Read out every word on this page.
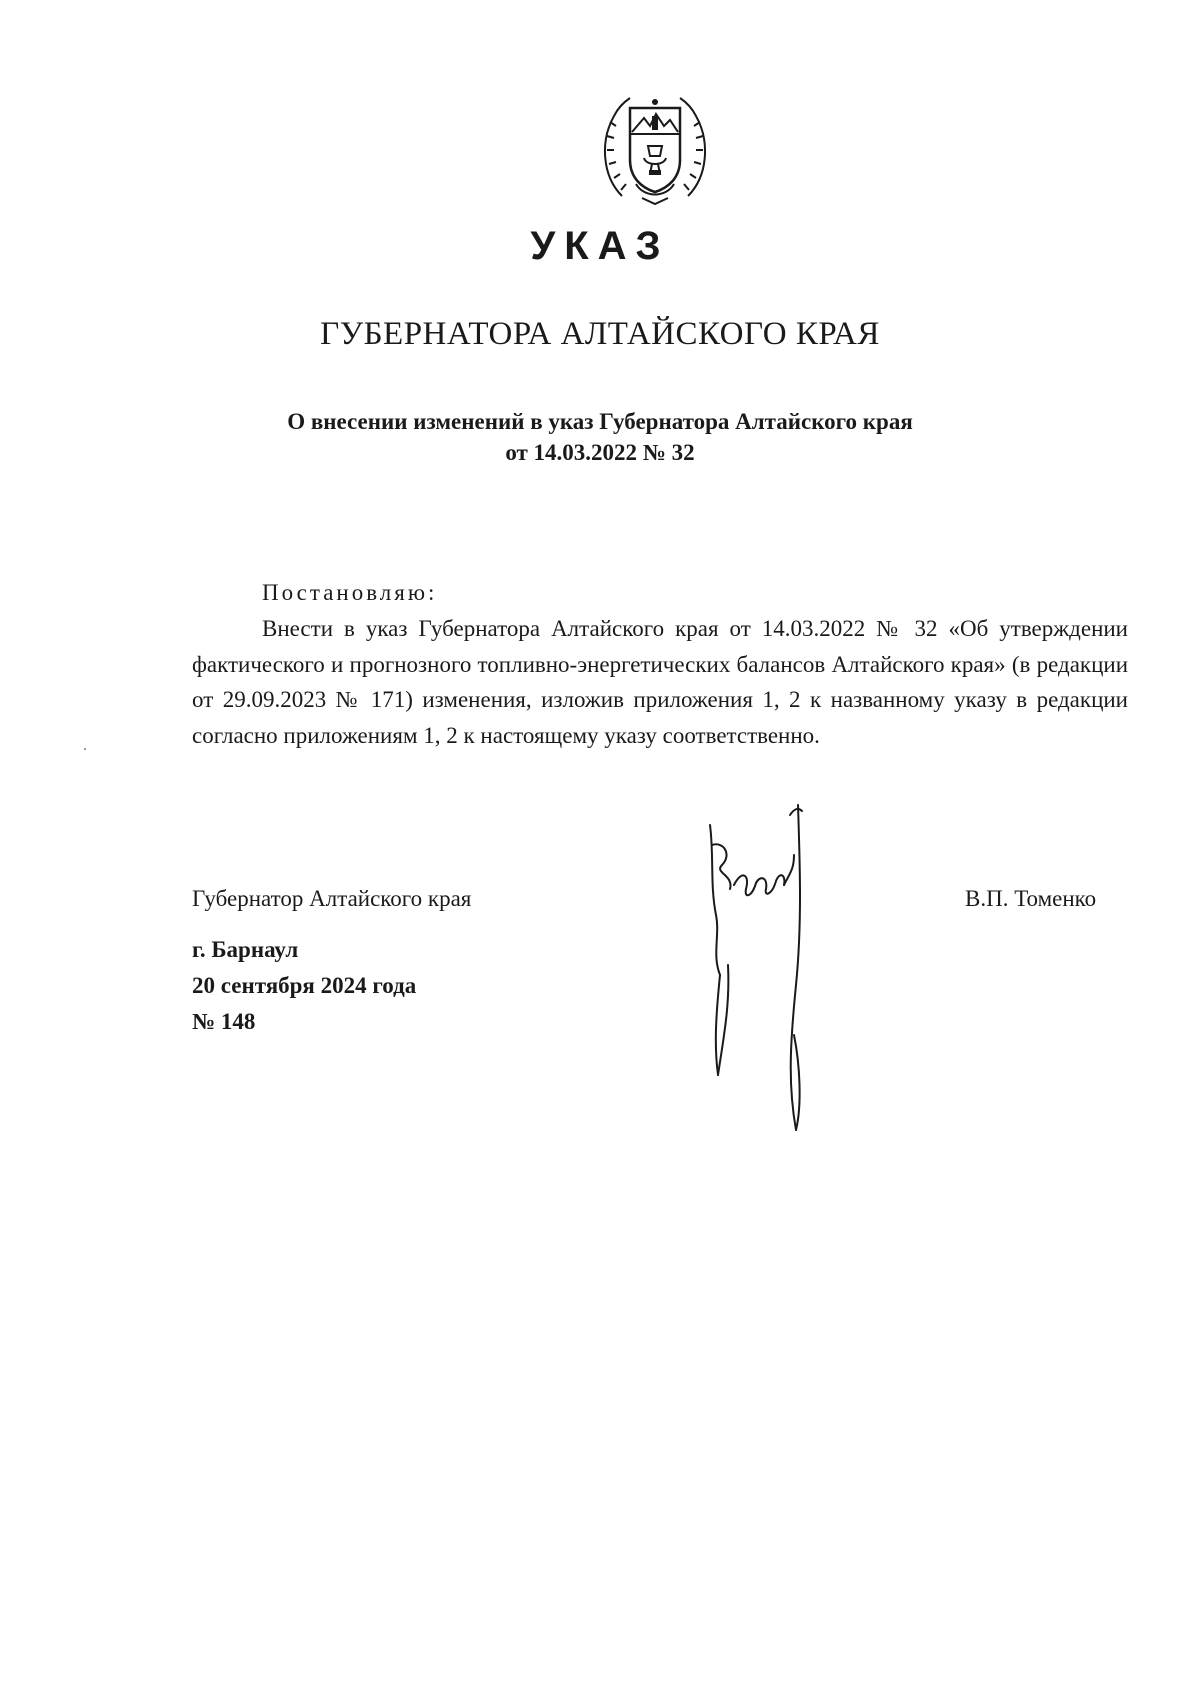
УКАЗ
ГУБЕРНАТОРА АЛТАЙСКОГО КРАЯ
О внесении изменений в указ Губернатора Алтайского края
от 14.03.2022 № 32
Постановляю:
Внести в указ Губернатора Алтайского края от 14.03.2022 № 32 «Об утверждении фактического и прогнозного топливно-энергетических балансов Алтайского края» (в редакции от 29.09.2023 № 171) изменения, изложив приложения 1, 2 к названному указу в редакции согласно приложениям 1, 2 к настоящему указу соответственно.
Губернатор Алтайского края	В.П. Томенко
г. Барнаул
20 сентября 2024 года
№ 148
